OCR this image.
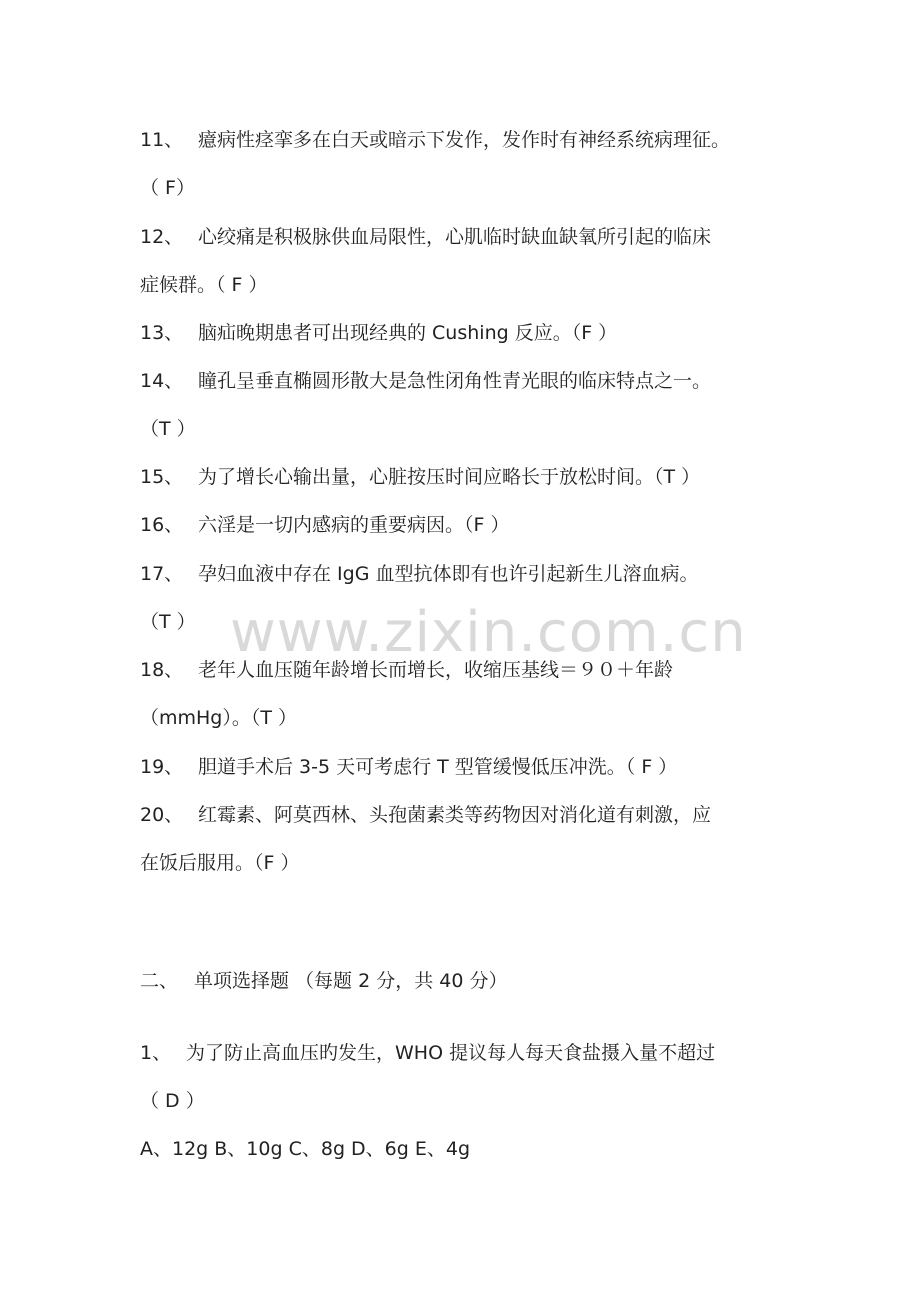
www.zixin.com.cn
11、 癔病性痉挛多在白天或暗示下发作，发作时有神经系统病理征。
（ F）
12、 心绞痛是积极脉供血局限性，心肌临时缺血缺氧所引起的临床
症候群。（ F ）
13、 脑疝晚期患者可出现经典的 Cushing 反应。（F ）
14、 瞳孔呈垂直椭圆形散大是急性闭角性青光眼的临床特点之一。
（T ）
15、 为了增长心输出量，心脏按压时间应略长于放松时间。（T ）
16、 六淫是一切内感病的重要病因。（F ）
17、 孕妇血液中存在 IgG 血型抗体即有也许引起新生儿溶血病。
（T ）
18、 老年人血压随年龄增长而增长，收缩压基线＝９０＋年龄
（mmHg）。（T ）
19、 胆道手术后 3-5 天可考虑行 T 型管缓慢低压冲洗。（ F ）
20、 红霉素、阿莫西林、头孢菌素类等药物因对消化道有刺激，应
在饭后服用。（F ）
二、 单项选择题 （每题 2 分，共 40 分）
1、 为了防止高血压旳发生，WHO 提议每人每天食盐摄入量不超过
（ D ）
A、12g B、10g C、8g D、6g E、4g
